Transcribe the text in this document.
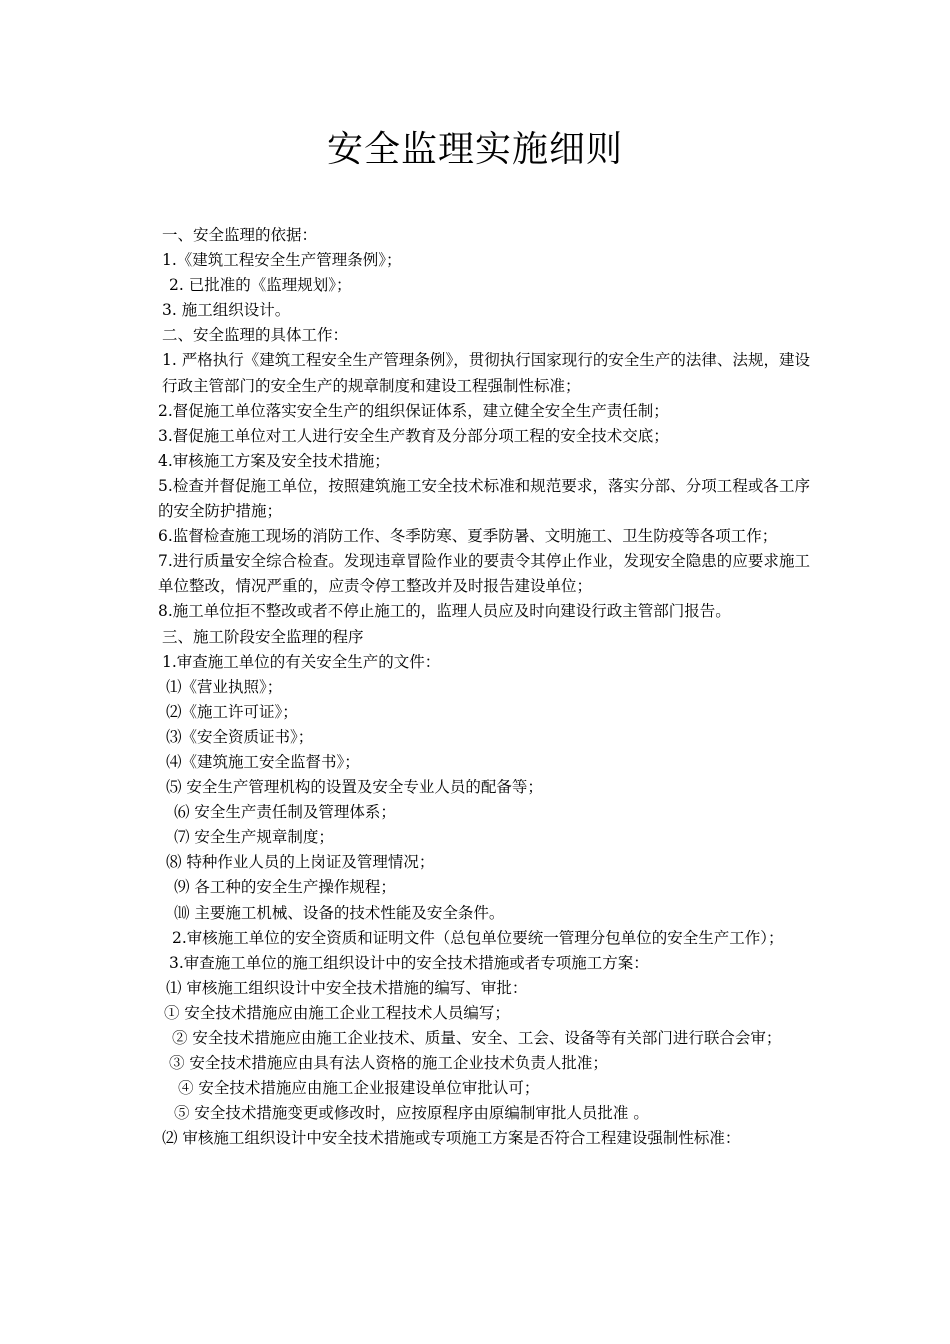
安全监理实施细则
一、安全监理的依据：
1.《建筑工程安全生产管理条例》；
2. 已批准的《监理规划》；
3. 施工组织设计。
二、安全监理的具体工作：
1. 严格执行《建筑工程安全生产管理条例》，贯彻执行国家现行的安全生产的法律、法规，建设行政主管部门的安全生产的规章制度和建设工程强制性标准；
2.督促施工单位落实安全生产的组织保证体系，建立健全安全生产责任制；
3.督促施工单位对工人进行安全生产教育及分部分项工程的安全技术交底；
4.审核施工方案及安全技术措施；
5.检查并督促施工单位，按照建筑施工安全技术标准和规范要求，落实分部、分项工程或各工序的安全防护措施；
6.监督检查施工现场的消防工作、冬季防寒、夏季防暑、文明施工、卫生防疫等各项工作；
7.进行质量安全综合检查。发现违章冒险作业的要责令其停止作业，发现安全隐患的应要求施工单位整改，情况严重的，应责令停工整改并及时报告建设单位；
8.施工单位拒不整改或者不停止施工的，监理人员应及时向建设行政主管部门报告。
三、施工阶段安全监理的程序
1.审查施工单位的有关安全生产的文件：
⑴《营业执照》；
⑵《施工许可证》；
⑶《安全资质证书》；
⑷《建筑施工安全监督书》；
⑸ 安全生产管理机构的设置及安全专业人员的配备等；
⑹ 安全生产责任制及管理体系；
⑺ 安全生产规章制度；
⑻ 特种作业人员的上岗证及管理情况；
⑼ 各工种的安全生产操作规程；
⑽ 主要施工机械、设备的技术性能及安全条件。
2.审核施工单位的安全资质和证明文件（总包单位要统一管理分包单位的安全生产工作）；
3.审查施工单位的施工组织设计中的安全技术措施或者专项施工方案：
⑴ 审核施工组织设计中安全技术措施的编写、审批：
① 安全技术措施应由施工企业工程技术人员编写；
② 安全技术措施应由施工企业技术、质量、安全、工会、设备等有关部门进行联合会审；
③ 安全技术措施应由具有法人资格的施工企业技术负责人批准；
④ 安全技术措施应由施工企业报建设单位审批认可；
⑤ 安全技术措施变更或修改时，应按原程序由原编制审批人员批准 。
⑵ 审核施工组织设计中安全技术措施或专项施工方案是否符合工程建设强制性标准：
